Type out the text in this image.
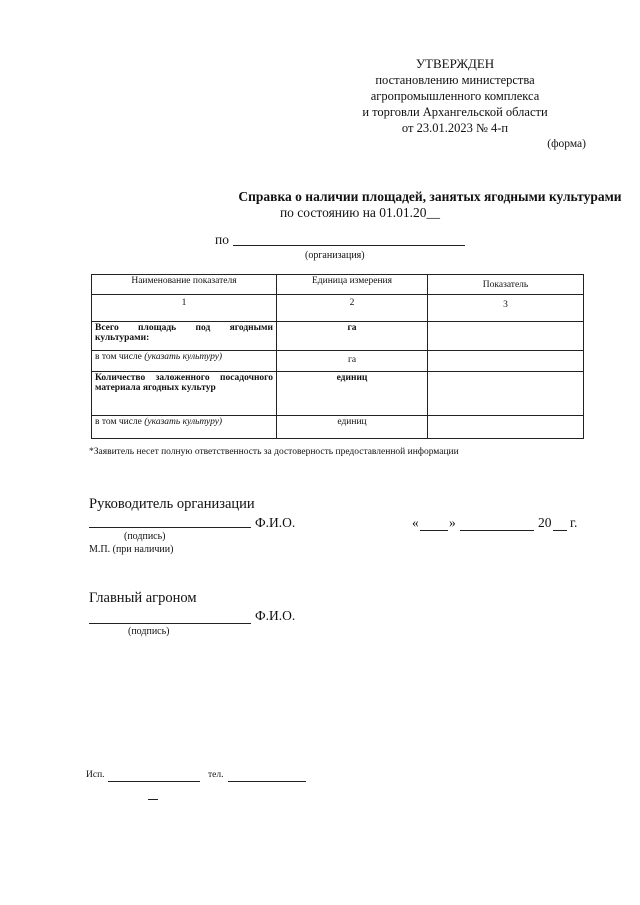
УТВЕРЖДЕН
постановлению министерства
агропромышленного комплекса
и торговли Архангельской области
от 23.01.2023 № 4-п
(форма)
Справка о наличии площадей, занятых ягодными культурами
по состоянию на 01.01.20__
по
(организация)
Наименование показателя	Единица измерения	Показатель
1	2	3
Всего площадь под ягодными культурами:	га	
в том числе (указать культуру)	га	
Количество заложенного посадочного материала ягодных культур	единиц	
в том числе (указать культуру)	единиц	
*Заявитель несет полную ответственность за достоверность предоставленной информации
Руководитель организации
Ф.И.О.
(подпись)
М.П. (при наличии)
« »	20 г.
Главный агроном
Ф.И.О.
(подпись)
Исп.	тел.
